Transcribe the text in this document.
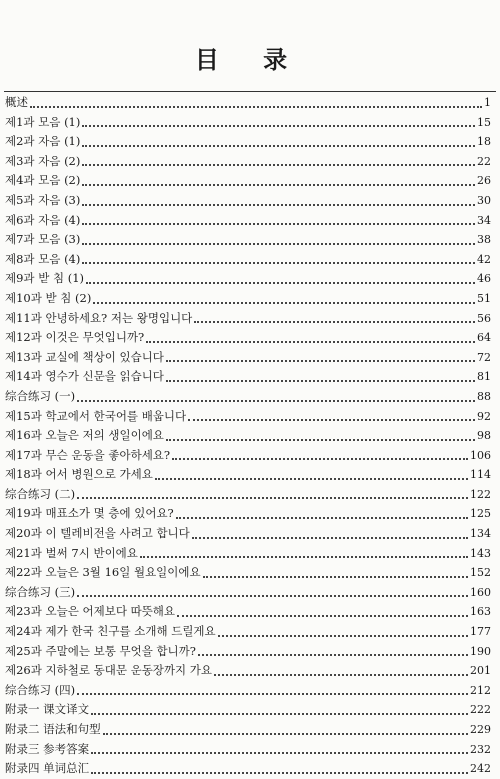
目 录
概述	1
제1과 모음 (1)	15
제2과 자음 (1)	18
제3과 자음 (2)	22
제4과 모음 (2)	26
제5과 자음 (3)	30
제6과 자음 (4)	34
제7과 모음 (3)	38
제8과 모음 (4)	42
제9과 받 침 (1)	46
제10과 받 침 (2)	51
제11과 안녕하세요? 저는 왕명입니다	56
제12과 이것은 무엇입니까?	64
제13과 교실에 책상이 있습니다	72
제14과 영수가 신문을 읽습니다	81
综合练习 (一)	88
제15과 학교에서 한국어를 배웁니다	92
제16과 오늘은 저의 생일이에요	98
제17과 무슨 운동을 좋아하세요?	106
제18과 어서 병원으로 가세요	114
综合练习 (二)	122
제19과 매표소가 몇 층에 있어요?	125
제20과 이 텔레비전을 사려고 합니다	134
제21과 벌써 7시 반이에요	143
제22과 오늘은 3월 16일 월요일이에요	152
综合练习 (三)	160
제23과 오늘은 어제보다 따뜻해요	163
제24과 제가 한국 친구를 소개해 드릴게요	177
제25과 주말에는 보통 무엇을 합니까?	190
제26과 지하철로 동대문 운동장까지 가요	201
综合练习 (四)	212
附录一 课文译文	222
附录二 语法和句型	229
附录三 参考答案	232
附录四 单词总汇	242
